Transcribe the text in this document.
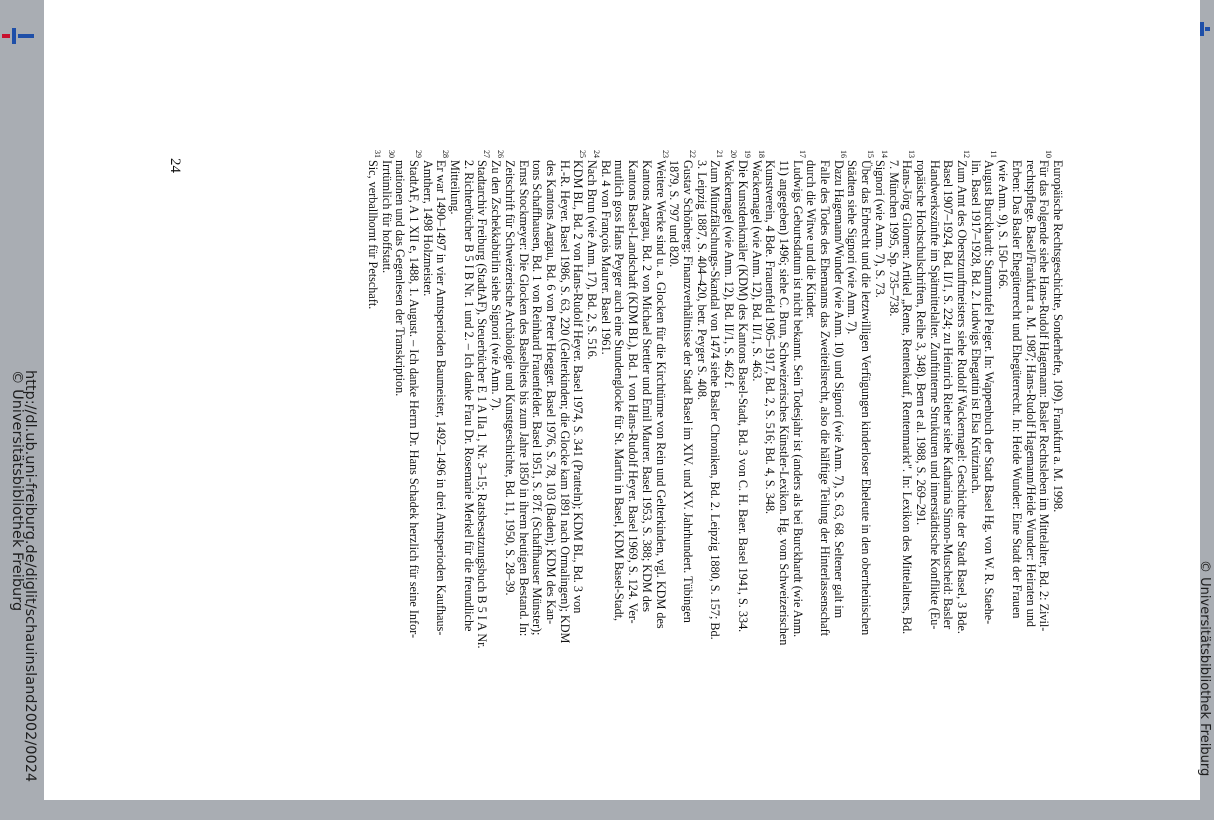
http://dl.ub.uni-freiburg.de/diglit/schauinsland2002/0024
© Universitätsbibliothek Freiburg
© Universitätsbibliothek Freiburg
24	Europäische Rechtsgeschichte, Sonderhefte, 109). Frankfurt a. M. 1998.
10
Für das Folgende siehe Hans-Rudolf Hagemann: Basler Rechtsleben im Mittelalter, Bd. 2: Zivil-
rechtspflege. Basel/Frankfurt a. M. 1987; Hans-Rudolf Hagemann/Heide Wunder: Heiraten und
Erben: Das Basler Ehegüterrecht und Ehegüterrecht. In: Heide Wunder: Eine Stadt der Frauen
(wie Anm. 9), S. 150–166.
11
August Burckhardt: Stammtafel Peiger. In: Wappenbuch der Stadt Basel Hg. von W. R. Staehe-
lin. Basel 1917–1928, Bd. 2. Ludwigs Ehegattin ist Elsa Krützinach.
12
Zum Amt des Oberstzunftmeisters siehe Rudolf Wackernagel: Geschichte der Stadt Basel, 3 Bde.
Basel 1907–1924, Bd. II/1, S. 224; zu Heinrich Rieher siehe Katharina Simon-Muscheid: Basler
Handwerkszünfte im Spätmittelalter. Zunftinterne Strukturen und innerstädtische Konflikte (Eu-
ropäische Hochschulschriften, Reihe 3, 348). Bern et al. 1988, S. 269–291.
13
Hans-Jörg Gilomen: Artikel „Rente, Rentenkauf, Rentenmarkt". In: Lexikon des Mittelalters, Bd.
7. München 1995, Sp. 735–738.
14
Signori (wie Anm. 7), S. 73.
15
Über das Erbrecht und die letztwilligen Verfügungen kinderloser Eheleute in den oberrheinischen
Städten siehe Signori (wie Anm. 7).
16
Dazu Hagemann/Wunder (wie Anm. 10) und Signori (wie Anm. 7), S. 63, 68. Seltener galt im
Falle des Todes des Ehemanns das Zweiteilsrecht, also die hälftige Teilung der Hinterlassenschaft
durch die Witwe und die Kinder.
17
Ludwigs Geburtsdatum ist nicht bekannt. Sein Todesjahr ist (anders als bei Burckhardt (wie Anm.
11) angegeben) 1496; siehe C. Brun, Schweizerisches Künstler-Lexikon. Hg. vom Schweizerischen
Kunstverein, 4 Bde. Frauenfeld 1905–1917, Bd. 2, S. 516; Bd. 4, S. 348.
18
Wackernagel (wie Anm. 12), Bd. II/1, S. 463.
19
Die Kunstdenkmäler (KDM) des Kantons Basel-Stadt, Bd. 3 von C. H. Baer. Basel 1941, S. 334.
20
Wackernagel (wie Anm. 12), Bd. II/1, S. 462 f.
21
Zum Münzfälschungs-Skandal von 1474 siehe Basler Chroniken, Bd. 2. Leipzig 1880, S. 157; Bd.
3. Leipzig 1887, S. 404–420, betr. Peyger S. 408.
22
Gustav Schönberg: Finanzverhältnisse der Stadt Basel im XIV. und XV. Jahrhundert. Tübingen
1879, S. 797 und 820.
23
Weitere Werke sind u. a. Glocken für die Kirchtürme von Rein und Gelterkinden, vgl. KDM des
Kantons Aargau, Bd. 2 von Michael Stettler und Emil Maurer. Basel 1953, S. 388; KDM des
Kantons Basel-Landschaft (KDM BL), Bd. 1 von Hans-Rudolf Heyer. Basel 1969, S. 124. Ver-
mutlich goss Hans Peyger auch eine Stundenglocke für St. Martin in Basel, KDM Basel-Stadt,
Bd. 4 von François Maurer. Basel 1961.
24
Nach Brun (wie Anm. 17), Bd. 2, S. 516.
25
KDM BL, Bd. 2 von Hans-Rudolf Heyer. Basel 1974, S. 341 (Pratteln); KDM BL, Bd. 3 von
H.-R. Heyer. Basel 1986, S. 63, 220 (Gelterkinden; die Glocke kam 1891 nach Ormalingen); KDM
des Kantons Aargau, Bd. 6 von Peter Hoegger. Basel 1976, S. 78, 103 (Baden); KDM des Kan-
tons Schaffhausen, Bd. 1 von Reinhard Frauenfelder. Basel 1951, S. 87f. (Schaffhauser Münster);
Ernst Stockmeyer: Die Glocken des Baselbiets bis zum Jahre 1850 in ihrem heutigen Bestand. In:
Zeitschrift für Schweizerische Archäologie und Kunstgeschichte, Bd. 11, 1950, S. 28–39.
26
Zu den Zschekkabürlin siehe Signori (wie Anm. 7).
27
Stadtarchiv Freiburg (StadtAF), Steuerbücher E 1 A IIa 1, Nr. 3–15; Ratsbesatzungsbuch B 5 I A Nr.
2. Richterbücher B 5 I B Nr. 1 und 2. – Ich danke Frau Dr. Rosemarie Merkel für die freundliche
Mitteilung.
28
Er war 1490–1497 in vier Amtsperioden Baumeister, 1492–1496 in drei Amtsperioden Kaufhaus-
Amtherr, 1498 Holzmeister.
29
StadtAF, A 1 XII e, 1488, 1. August. – Ich danke Herrn Dr. Hans Schadek herzlich für seine Infor-
mationen und das Gegenlesen der Transkription.
30
Irrtümlich für hoffstatt.
31
Sic, verballhornt für Petschaft.
